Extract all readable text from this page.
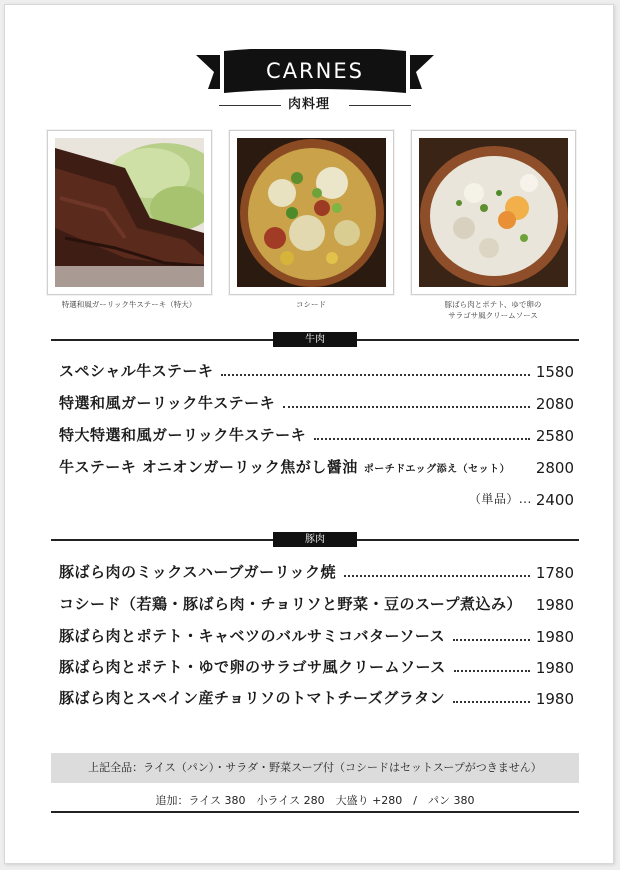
CARNES
肉料理
特選和風ガーリック牛ステーキ（特大）	コシード	豚ばら肉とポテト、ゆで卵の
サラゴサ風クリームソース
牛肉
スペシャル牛ステーキ	1580
特選和風ガーリック牛ステーキ	2080
特大特選和風ガーリック牛ステーキ	2580
牛ステーキ オニオンガーリック焦がし醤油 ポーチドエッグ添え（セット） 2800
（単品）... 2400
豚肉
豚ばら肉のミックスハーブガーリック焼	1780
コシード（若鶏・豚ばら肉・チョリソと野菜・豆のスープ煮込み） 1980
豚ばら肉とポテト・キャベツのバルサミコバターソース	1980
豚ばら肉とポテト・ゆで卵のサラゴサ風クリームソース	1980
豚ばら肉とスペイン産チョリソのトマトチーズグラタン	1980
上記全品：ライス（パン）・サラダ・野菜スープ付（コシードはセットスープがつきません）
追加：ライス 380　小ライス 280　大盛り +280　/　パン 380
